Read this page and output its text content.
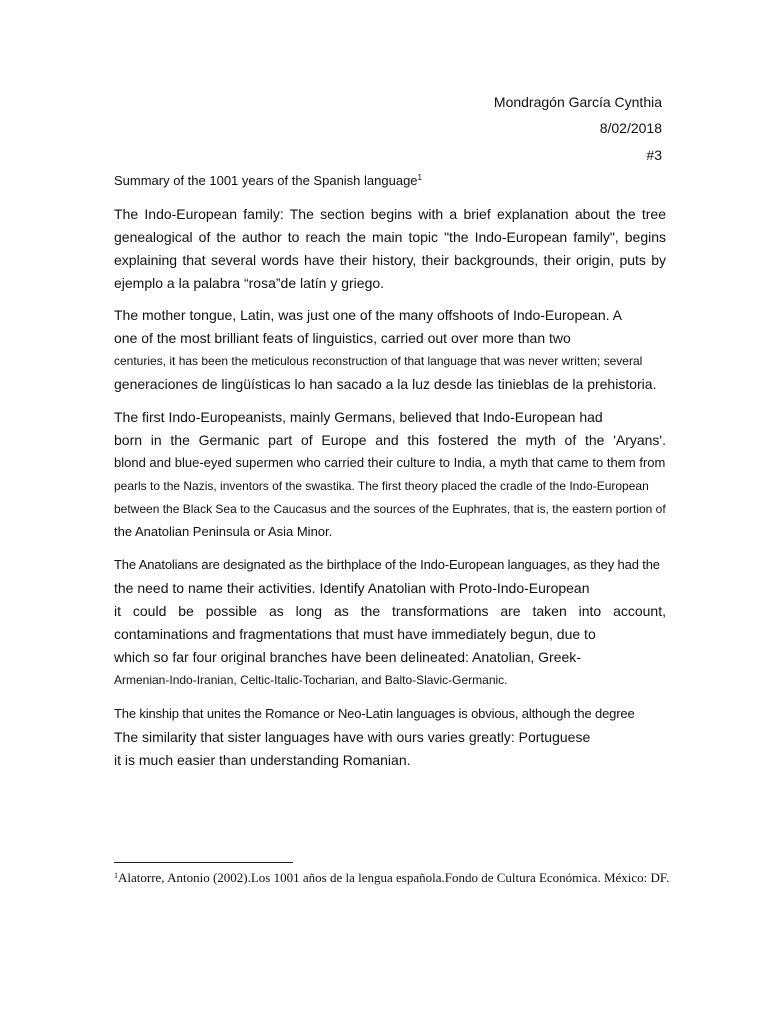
Mondragón García Cynthia
8/02/2018
#3
Summary of the 1001 years of the Spanish language$^1$
The Indo-European family: The section begins with a brief explanation about the tree
genealogical of the author to reach the main topic "the Indo-European family", begins
explaining that several words have their history, their backgrounds, their origin, puts by
ejemplo a la palabra “rosa”de latín y griego.
The mother tongue, Latin, was just one of the many offshoots of Indo-European. A
one of the most brilliant feats of linguistics, carried out over more than two
centuries, it has been the meticulous reconstruction of that language that was never written; several
generaciones de lingüísticas lo han sacado a la luz desde las tinieblas de la prehistoria.
The first Indo-Europeanists, mainly Germans, believed that Indo-European had
born in the Germanic part of Europe and this fostered the myth of the 'Aryans'.
blond and blue-eyed supermen who carried their culture to India, a myth that came to them from
pearls to the Nazis, inventors of the swastika. The first theory placed the cradle of the Indo-European
between the Black Sea to the Caucasus and the sources of the Euphrates, that is, the eastern portion of
the Anatolian Peninsula or Asia Minor.
The Anatolians are designated as the birthplace of the Indo-European languages, as they had the
the need to name their activities. Identify Anatolian with Proto-Indo-European
it could be possible as long as the transformations are taken into account,
contaminations and fragmentations that must have immediately begun, due to
which so far four original branches have been delineated: Anatolian, Greek-
Armenian-Indo-Iranian, Celtic-Italic-Tocharian, and Balto-Slavic-Germanic.
The kinship that unites the Romance or Neo-Latin languages is obvious, although the degree
The similarity that sister languages have with ours varies greatly: Portuguese
it is much easier than understanding Romanian.
$^1$Alatorre, Antonio (2002).Los 1001 años de la lengua española.Fondo de Cultura Económica. México: DF.
